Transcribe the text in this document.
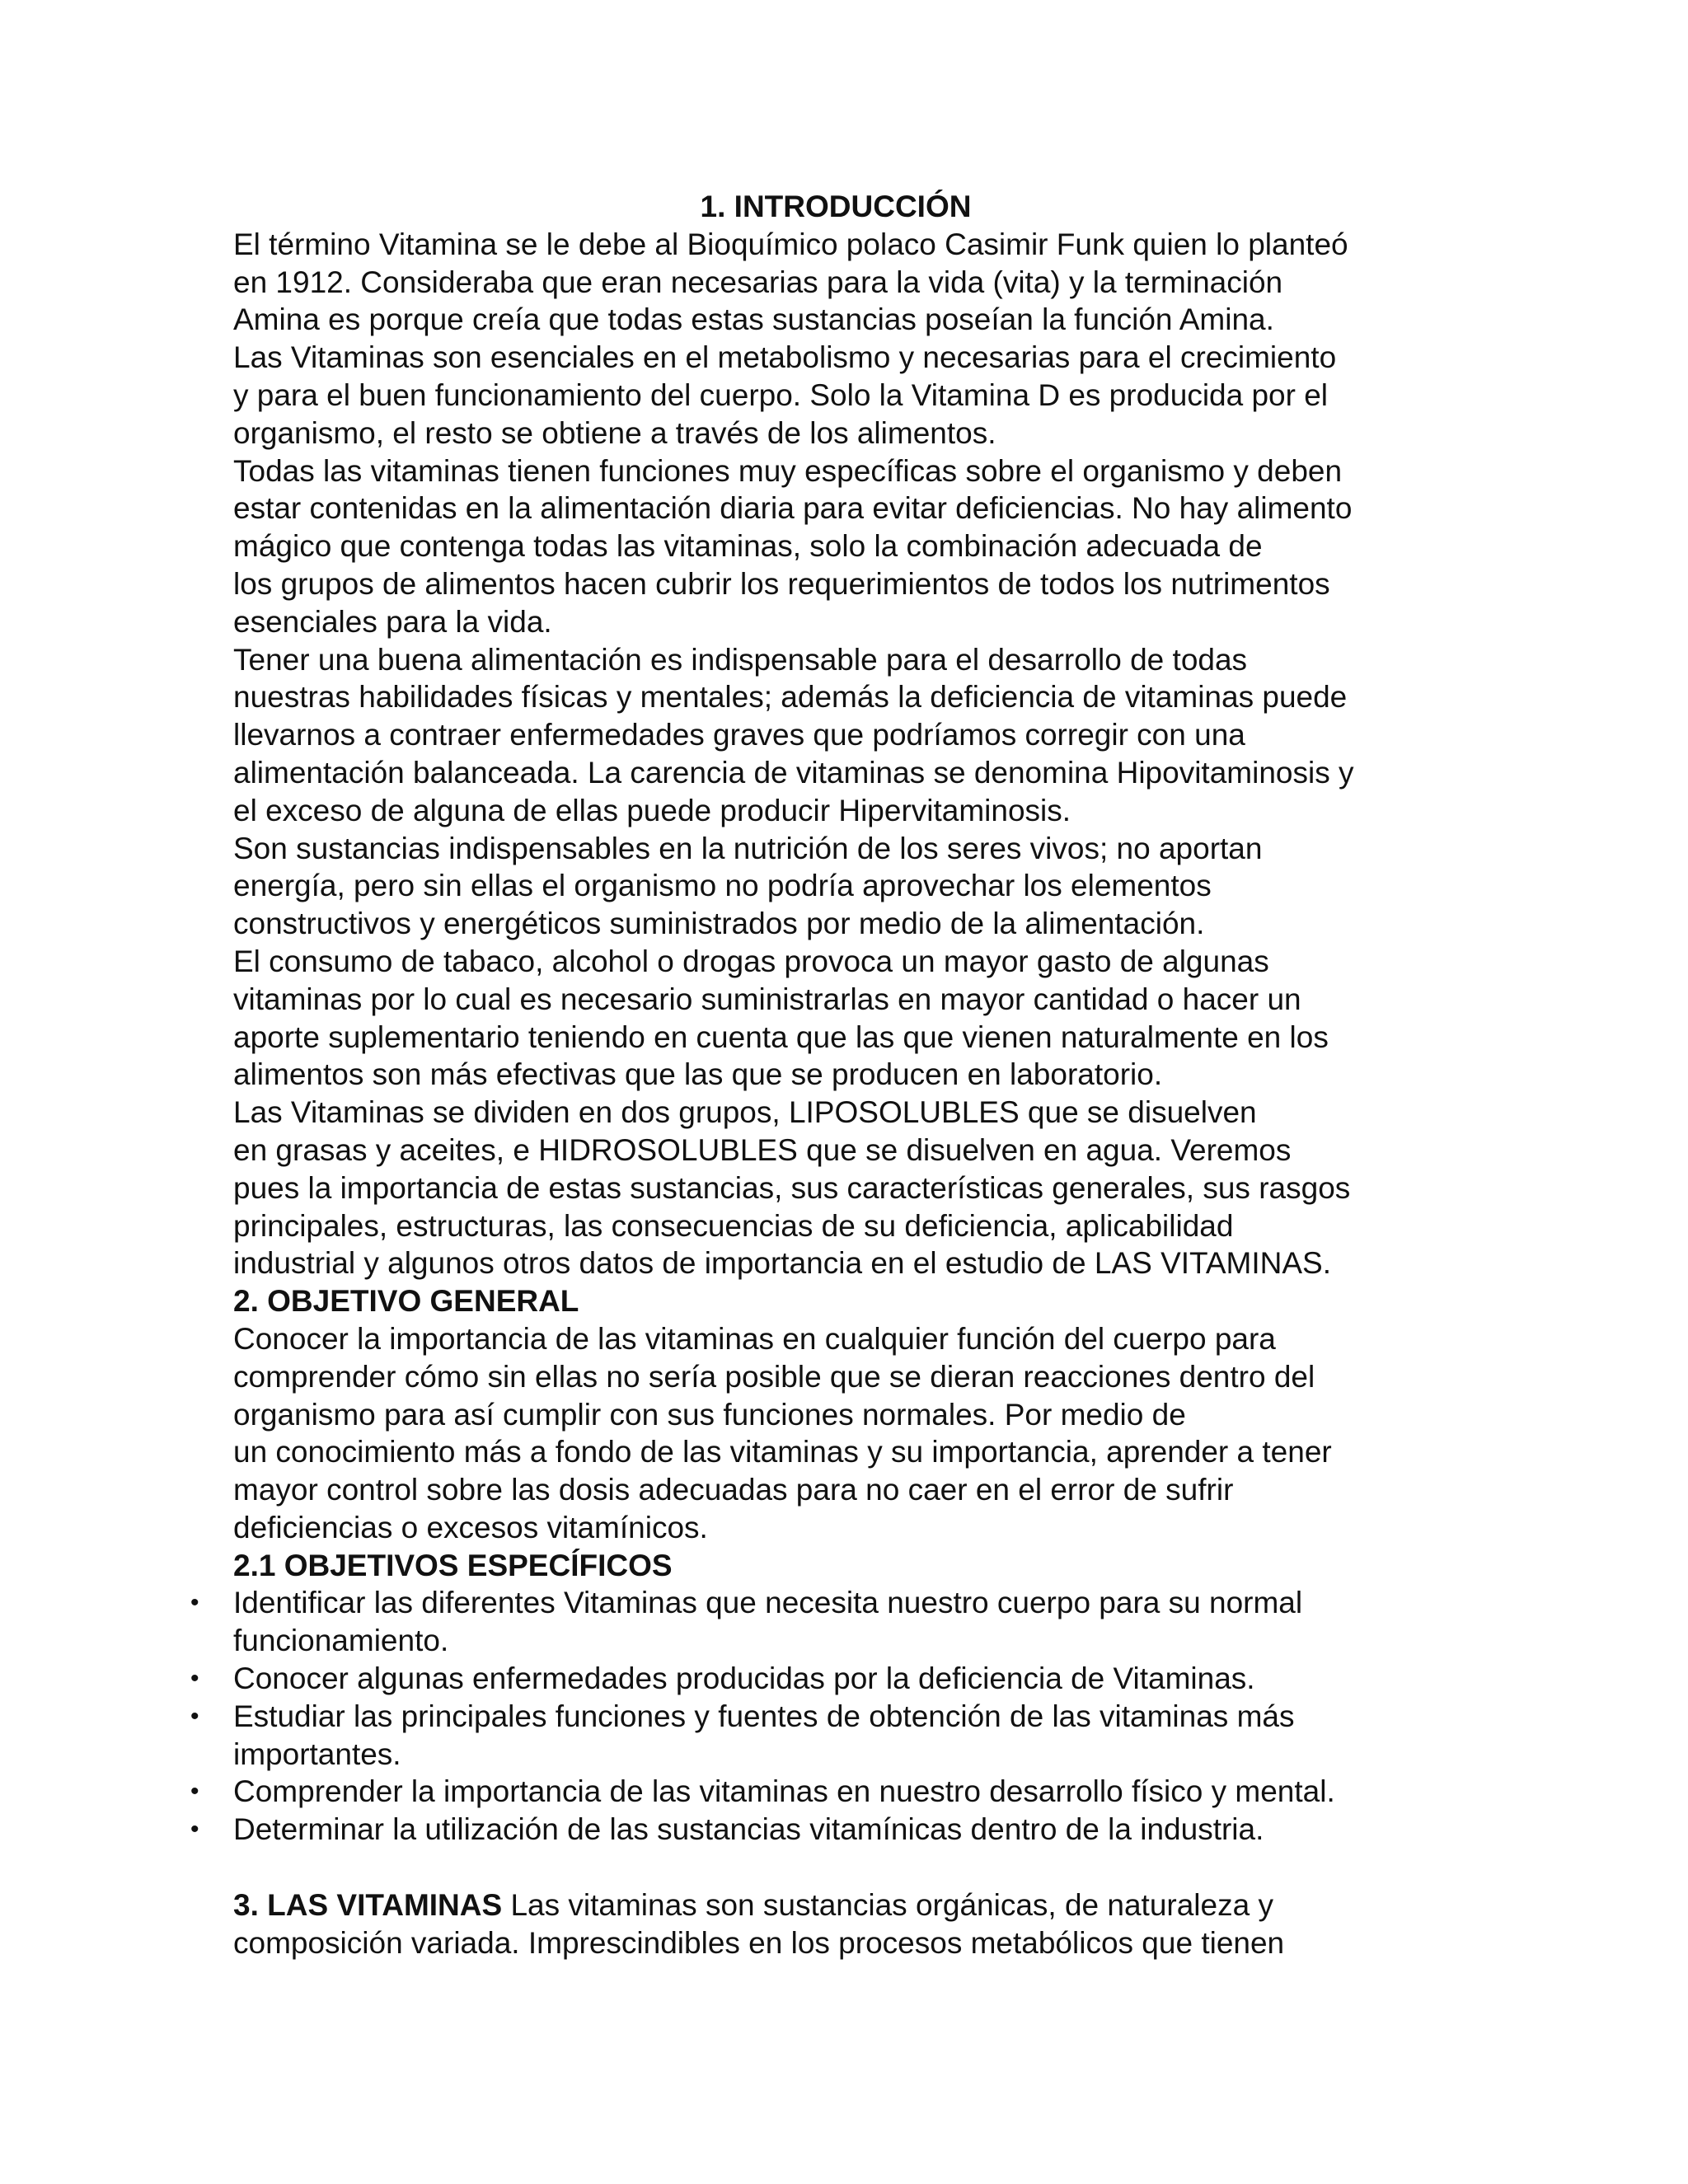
1. INTRODUCCIÓN
El término Vitamina se le debe al Bioquímico polaco Casimir Funk quien lo planteó
en 1912. Consideraba que eran necesarias para la vida (vita) y la terminación
Amina es porque creía que todas estas sustancias poseían la función Amina.
Las Vitaminas son esenciales en el metabolismo y necesarias para el crecimiento
y para el buen funcionamiento del cuerpo. Solo la Vitamina D es producida por el
organismo, el resto se obtiene a través de los alimentos.
Todas las vitaminas tienen funciones muy específicas sobre el organismo y deben
estar contenidas en la alimentación diaria para evitar deficiencias. No hay alimento
mágico que contenga todas las vitaminas, solo la combinación adecuada de
los grupos de alimentos hacen cubrir los requerimientos de todos los nutrimentos
esenciales para la vida.
Tener una buena alimentación es indispensable para el desarrollo de todas
nuestras habilidades físicas y mentales; además la deficiencia de vitaminas puede
llevarnos a contraer enfermedades graves que podríamos corregir con una
alimentación balanceada. La carencia de vitaminas se denomina Hipovitaminosis y
el exceso de alguna de ellas puede producir Hipervitaminosis.
Son sustancias indispensables en la nutrición de los seres vivos; no aportan
energía, pero sin ellas el organismo no podría aprovechar los elementos
constructivos y energéticos suministrados por medio de la alimentación.
El consumo de tabaco, alcohol o drogas provoca un mayor gasto de algunas
vitaminas por lo cual es necesario suministrarlas en mayor cantidad o hacer un
aporte suplementario teniendo en cuenta que las que vienen naturalmente en los
alimentos son más efectivas que las que se producen en laboratorio.
Las Vitaminas se dividen en dos grupos, LIPOSOLUBLES que se disuelven
en grasas y aceites, e HIDROSOLUBLES que se disuelven en agua. Veremos
pues la importancia de estas sustancias, sus características generales, sus rasgos
principales, estructuras, las consecuencias de su deficiencia, aplicabilidad
industrial y algunos otros datos de importancia en el estudio de LAS VITAMINAS.
2. OBJETIVO GENERAL
Conocer la importancia de las vitaminas en cualquier función del cuerpo para
comprender cómo sin ellas no sería posible que se dieran reacciones dentro del
organismo para así cumplir con sus funciones normales. Por medio de
un conocimiento más a fondo de las vitaminas y su importancia, aprender a tener
mayor control sobre las dosis adecuadas para no caer en el error de sufrir
deficiencias o excesos vitamínicos.
2.1 OBJETIVOS ESPECÍFICOS
• Identificar las diferentes Vitaminas que necesita nuestro cuerpo para su normal
funcionamiento.
• Conocer algunas enfermedades producidas por la deficiencia de Vitaminas.
• Estudiar las principales funciones y fuentes de obtención de las vitaminas más
importantes.
• Comprender la importancia de las vitaminas en nuestro desarrollo físico y mental.
• Determinar la utilización de las sustancias vitamínicas dentro de la industria.
3. LAS VITAMINAS Las vitaminas son sustancias orgánicas, de naturaleza y
composición variada. Imprescindibles en los procesos metabólicos que tienen
